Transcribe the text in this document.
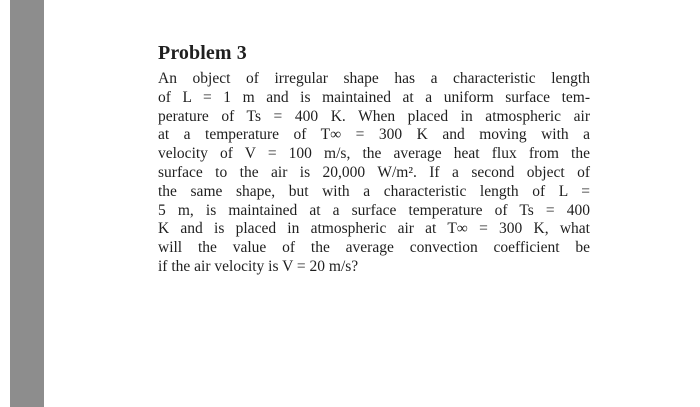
Problem 3
An object of irregular shape has a characteristic length
of L = 1 m and is maintained at a uniform surface tem-
perature of Ts = 400 K. When placed in atmospheric air
at a temperature of T∞ = 300 K and moving with a
velocity of V = 100 m/s, the average heat flux from the
surface to the air is 20,000 W/m². If a second object of
the same shape, but with a characteristic length of L =
5 m, is maintained at a surface temperature of Ts = 400
K and is placed in atmospheric air at T∞ = 300 K, what
will the value of the average convection coefficient be
if the air velocity is V = 20 m/s?
